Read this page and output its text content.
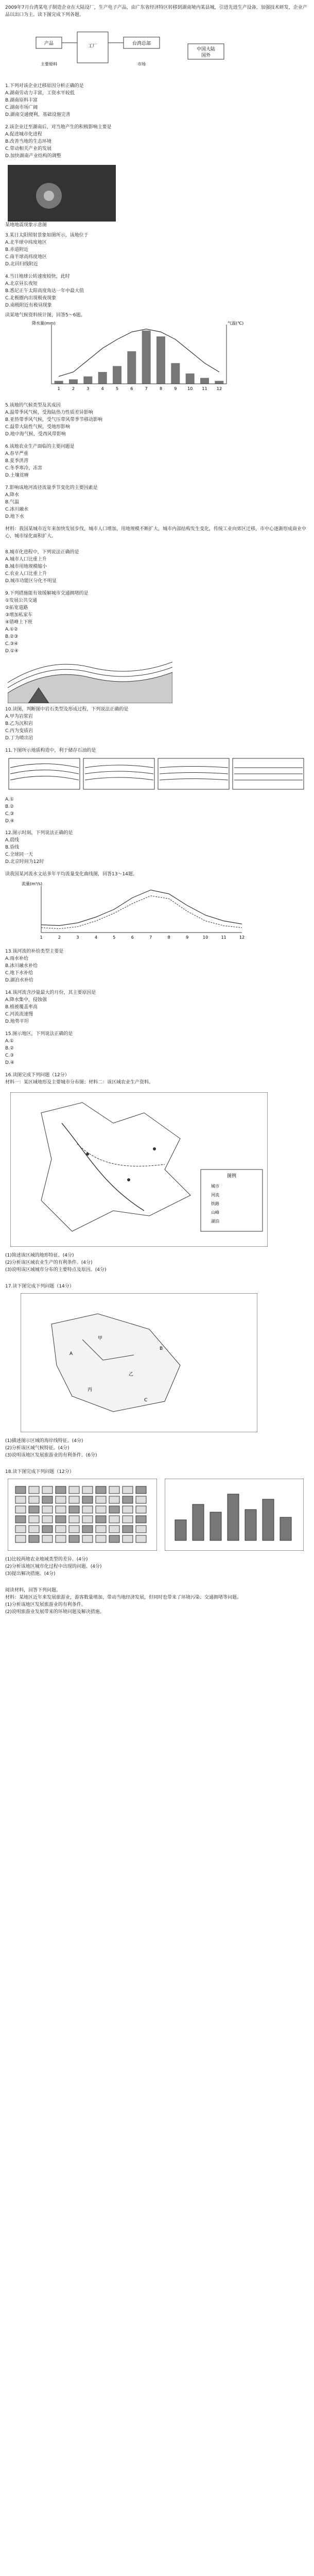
2009年7月台湾某电子制造企业在大陆设厂，生产电子产品，由广东省经济特区转移到湖南境内某县城，引进先进生产设备，加强技术研发，企业产品以出口为主。读下图完成下列各题。

产品	工厂	台湾总部
主要原料	市场
中国大陆
国外

1.下列对该企业迁移原因分析正确的是

A.湖南劳动力丰富，工资水平较低

B.湖南原料丰富

C.湖南市场广阔

D.湖南交通便利，基础设施完善

2.该企业迁至湖南后，对当地产生的积极影响主要是

A.促进城市化进程

B.改善当地的生态环境

C.带动相关产业的发展

D.加快湖南产业结构的调整

某地地震现象示意图

3.某日太阳照射景象如图所示，该地位于

A.北半球中纬度地区

B.赤道附近

C.南半球高纬度地区

D.北回归线附近

4.当日地球公转速度较快，此时

A.北京昼长夜短

B.悉尼正午太阳高度角达一年中最大值

C.北极圈内出现极夜现象

D.南极附近有极昼现象

读某地气候资料统计图，回答5～6题。

1	2	3	4	5	6	7	8	9	10 11 12
降水量(mm)	气温(℃)

5.该地的气候类型及其成因

A.温带季风气候，受海陆热力性质差异影响

B.亚热带季风气候，受气压带风带季节移动影响

C.温带大陆性气候，受地形影响

D.地中海气候，受西风带影响

6.该地农业生产面临的主要问题是

A.春旱严重

B.夏季洪涝

C.冬季寒冷，冻害

D.土壤贫瘠

7.影响该地河流径流量季节变化的主要因素是

A.降水

B.气温

C.冰川融水

D.地下水

材料：我国某城市近年来加快发展步伐，城市人口增加，用地规模不断扩大，城市内部结构发生变化，传统工业向郊区迁移，市中心逐渐形成商业中心，城市绿化面积扩大。

8.城市化进程中，下列说法正确的是

A.城市人口比重上升

B.城市用地规模缩小

C.农业人口比重上升

D.城市功能区分化不明显

9.下列措施能有效缓解城市交通拥堵的是

①发展公共交通

②拓宽道路

③增加私家车

④错峰上下班

A.①②

B.②③

C.③④

D.①④

10.读图，判断图中岩石类型及形成过程，下列说法正确的是

A.甲为岩浆岩

B.乙为沉积岩

C.丙为变质岩

D.丁为喷出岩

11.下图所示地质构造中，利于储存石油的是

A.①

B.②

C.③

D.④

12.图示时刻，下列说法正确的是

A.晨线

B.昏线

C.全球同一天

D.北京时间为12时

读我国某河流水文站多年平均流量变化曲线图，回答13～14题。

1	2	3	4	5	6	7	8	9	10	11	12
流量(m³/s)

13.该河流的补给类型主要是

A.雨水补给

B.冰川融水补给

C.地下水补给

D.湖泊水补给

14.该河流含沙量最大的月份，其主要原因是

A.降水集中，侵蚀强

B.植被覆盖率高

C.河流流速慢

D.地势平坦

15.图示地区，下列说法正确的是

A.①

B.②

C.③

D.④

16.读图完成下列问题（12分）

材料一：某区域地形及主要城市分布图；材料二：该区域农业生产资料。

图例
城市
河流
铁路
山峰
湖泊

(1)简述该区域的地形特征。(4分)

(2)分析该区域农业生产的有利条件。(4分)

(3)说明该区域城市分布的主要特点及原因。(4分)

17.读下图完成下列问题（14分）

甲
乙
丙
A
B
C

(1)描述图示区域的海岸线特征。(4分)

(2)分析该区域气候特征。(4分)

(3)说明该地区发展旅游业的有利条件。(6分)

18.读下图完成下列问题（12分）

(1)比较两地农业地域类型的差异。(4分)

(2)分析该地区城市化过程中出现的问题。(4分)

(3)提出解决措施。(4分)

阅读材料，回答下列问题。

材料：某地区近年来发展旅游业，游客数量增加，带动当地经济发展，但同时也带来了环境污染、交通拥堵等问题。

(1)分析该地区发展旅游业的有利条件。

(2)说明旅游业发展带来的环境问题及解决措施。
